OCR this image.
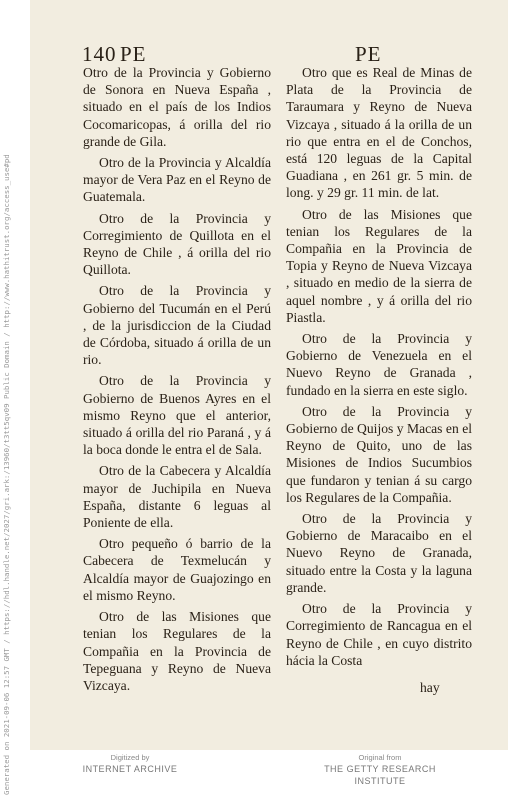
Generated on 2021-09-06 12:57 GMT / https://hdl.handle.net/2027/gri.ark:/13960/t3tt5qv09 Public Domain / http://www.hathitrust.org/access_use#pd
140 PE	PE

Otro de la Provincia y Gobierno de Sonora en Nueva España , situado en el país de los Indios Cocomaricopas, á orilla del rio grande de Gila.

Otro de la Provincia y Alcaldía mayor de Vera Paz en el Reyno de Guatemala.

Otro de la Provincia y Corregimiento de Quillota en el Reyno de Chile , á orilla del rio Quillota.

Otro de la Provincia y Gobierno del Tucumán en el Perú , de la jurisdiccion de la Ciudad de Córdoba, situado á orilla de un rio.

Otro de la Provincia y Gobierno de Buenos Ayres en el mismo Reyno que el anterior, situado á orilla del rio Paraná , y á la boca donde le entra el de Sala.

Otro de la Cabecera y Alcaldía mayor de Juchipila en Nueva España, distante 6 leguas al Poniente de ella.

Otro pequeño ó barrio de la Cabecera de Texmelucán y Alcaldía mayor de Guajozingo en el mismo Reyno.

Otro de las Misiones que tenian los Regulares de la Compañia en la Provincia de Tepeguana y Reyno de Nueva Vizcaya.

Otro que es Real de Minas de Plata de la Provincia de Taraumara y Reyno de Nueva Vizcaya , situado á la orilla de un rio que entra en el de Conchos, está 120 leguas de la Capital Guadiana , en 261 gr. 5 min. de long. y 29 gr. 11 min. de lat.

Otro de las Misiones que tenian los Regulares de la Compañia en la Provincia de Topia y Reyno de Nueva Vizcaya , situado en medio de la sierra de aquel nombre , y á orilla del rio Piastla.

Otro de la Provincia y Gobierno de Venezuela en el Nuevo Reyno de Granada , fundado en la sierra en este siglo.

Otro de la Provincia y Gobierno de Quijos y Macas en el Reyno de Quito, uno de las Misiones de Indios Sucumbios que fundaron y tenian á su cargo los Regulares de la Compañia.

Otro de la Provincia y Gobierno de Maracaibo en el Nuevo Reyno de Granada, situado entre la Costa y la laguna grande.

Otro de la Provincia y Corregimiento de Rancagua en el Reyno de Chile , en cuyo distrito hácia la Costa

hay
Digitized by
INTERNET ARCHIVE
Original from
THE GETTY RESEARCH INSTITUTE
